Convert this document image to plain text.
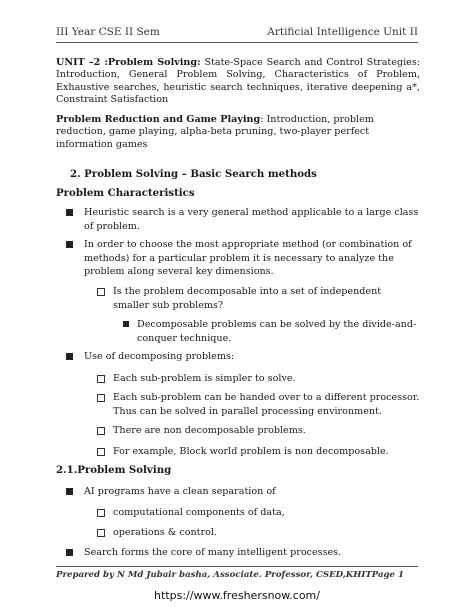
III Year CSE II Sem	Artificial Intelligence Unit II
UNIT –2 :Problem Solving: State-Space Search and Control Strategies: Introduction, General Problem Solving, Characteristics of Problem, Exhaustive searches, heuristic search techniques, iterative deepening a*, Constraint Satisfaction
Problem Reduction and Game Playing: Introduction, problem reduction, game playing, alpha-beta pruning, two-player perfect information games
2. Problem Solving – Basic Search methods
Problem Characteristics
Heuristic search is a very general method applicable to a large class of problem.
In order to choose the most appropriate method (or combination of methods) for a particular problem it is necessary to analyze the problem along several key dimensions.
Is the problem decomposable into a set of independent smaller sub problems?
Decomposable problems can be solved by the divide-and-conquer technique.
Use of decomposing problems:
Each sub-problem is simpler to solve.
Each sub-problem can be handed over to a different processor. Thus can be solved in parallel processing environment.
There are non decomposable problems.
For example, Block world problem is non decomposable.
2.1.Problem Solving
AI programs have a clean separation of
computational components of data,
operations & control.
Search forms the core of many intelligent processes.
Prepared by N Md Jubair basha, Associate. Professor, CSED,KHIT Page 1
https://www.freshersnow.com/
